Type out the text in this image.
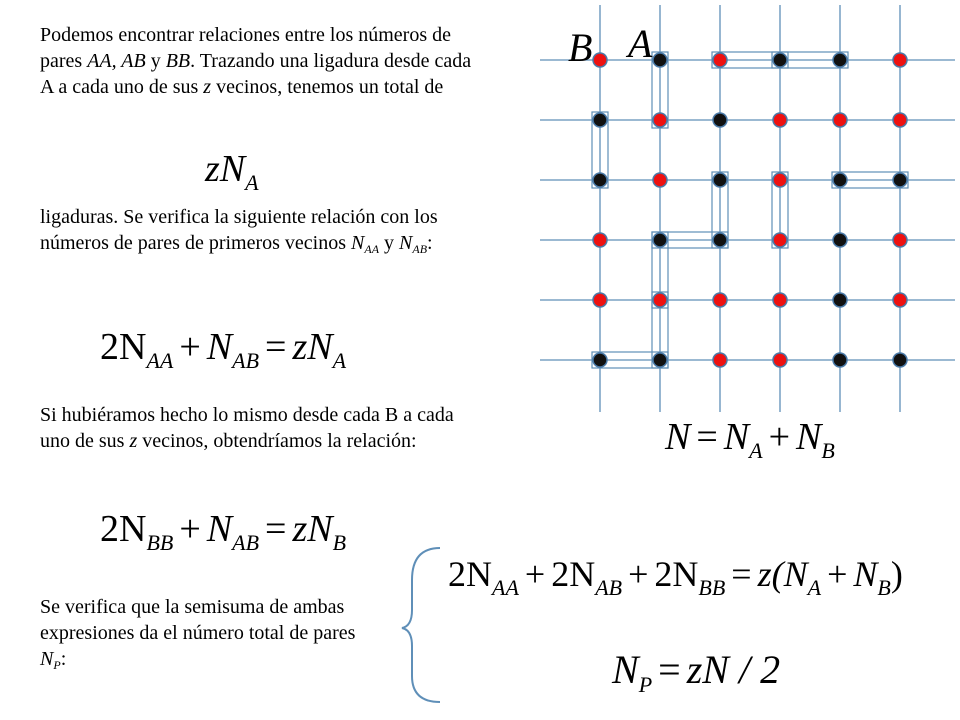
Podemos encontrar relaciones entre los números de pares AA, AB y BB. Trazando una ligadura desde cada A a cada uno de sus z vecinos, tenemos un total de

$zN_A$

ligaduras. Se verifica la siguiente relación con los números de pares de primeros vecinos $N_{AA}$ y $N_{AB}$:

$2N_{AA} + N_{AB} = zN_A$

Si hubiéramos hecho lo mismo desde cada B a cada uno de sus z vecinos, obtendríamos la relación:

$2N_{BB} + N_{AB} = zN_B$

Se verifica que la semisuma de ambas expresiones da el número total de pares $N_P$:

B A
$N = N_A + N_B$
$2N_{AA} + 2N_{AB} + 2N_{BB} = z(N_A + N_B)$
$N_P$ = zN / 2
